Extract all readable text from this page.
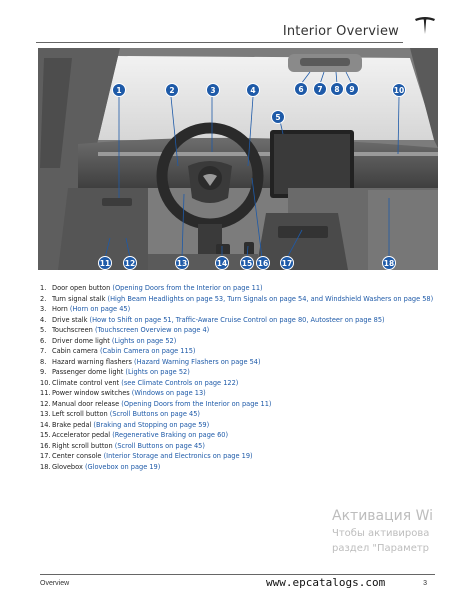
Interior Overview
1	2	3	4
5
6	7	8	9	10
11 12	13	14 15 16 17	18
1. Door open button (Opening Doors from the Interior on page 11)
2. Turn signal stalk (High Beam Headlights on page 53, Turn Signals on page 54, and Windshield Washers on page 58)
3. Horn (Horn on page 45)
4. Drive stalk (How to Shift on page 51, Traffic-Aware Cruise Control on page 80, Autosteer on page 85)
5. Touchscreen (Touchscreen Overview on page 4)
6. Driver dome light (Lights on page 52)
7. Cabin camera (Cabin Camera on page 115)
8. Hazard warning flashers (Hazard Warning Flashers on page 54)
9. Passenger dome light (Lights on page 52)
10. Climate control vent (see Climate Controls on page 122)
11. Power window switches (Windows on page 13)
12. Manual door release (Opening Doors from the Interior on page 11)
13. Left scroll button (Scroll Buttons on page 45)
14. Brake pedal (Braking and Stopping on page 59)
15. Accelerator pedal (Regenerative Braking on page 60)
16. Right scroll button (Scroll Buttons on page 45)
17. Center console (Interior Storage and Electronics on page 19)
18. Glovebox (Glovebox on page 19)
Активация Wi
Чтобы активирова
раздел "Параметр
Overview	www.epcatalogs.com	3
